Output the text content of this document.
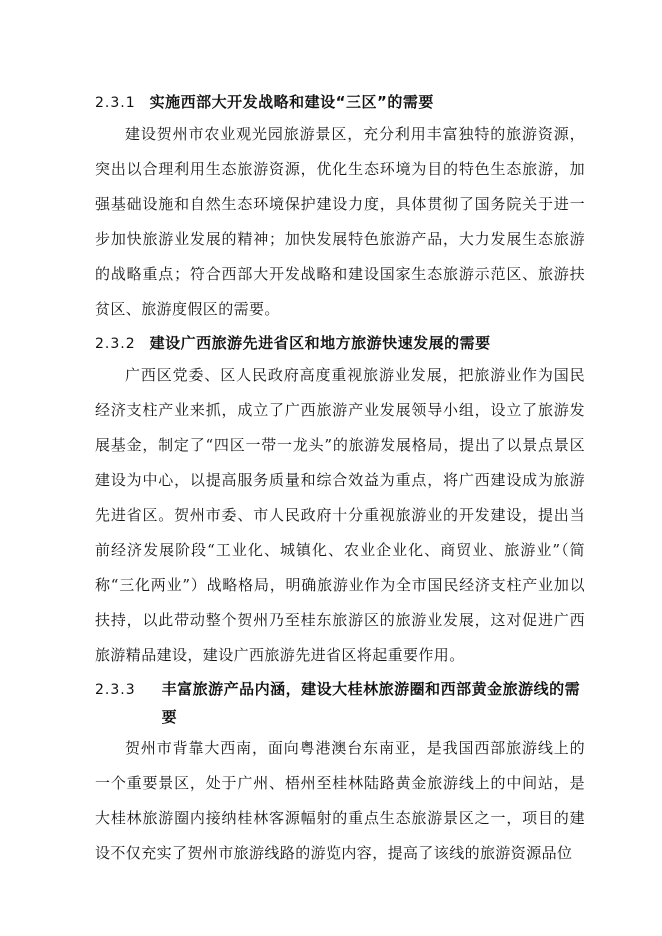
2.3.1 实施西部大开发战略和建设“三区”的需要

建设贺州市农业观光园旅游景区，充分利用丰富独特的旅游资源，突出以合理利用生态旅游资源，优化生态环境为目的特色生态旅游，加强基础设施和自然生态环境保护建设力度，具体贯彻了国务院关于进一步加快旅游业发展的精神；加快发展特色旅游产品，大力发展生态旅游的战略重点；符合西部大开发战略和建设国家生态旅游示范区、旅游扶贫区、旅游度假区的需要。

2.3.2 建设广西旅游先进省区和地方旅游快速发展的需要

广西区党委、区人民政府高度重视旅游业发展，把旅游业作为国民经济支柱产业来抓，成立了广西旅游产业发展领导小组，设立了旅游发展基金，制定了“四区一带一龙头”的旅游发展格局，提出了以景点景区建设为中心，以提高服务质量和综合效益为重点，将广西建设成为旅游先进省区。贺州市委、市人民政府十分重视旅游业的开发建设，提出当前经济发展阶段“工业化、城镇化、农业企业化、商贸业、旅游业”（简称“三化两业”）战略格局，明确旅游业作为全市国民经济支柱产业加以扶持，以此带动整个贺州乃至桂东旅游区的旅游业发展，这对促进广西旅游精品建设，建设广西旅游先进省区将起重要作用。

2.3.3 丰富旅游产品内涵，建设大桂林旅游圈和西部黄金旅游线的需要

贺州市背靠大西南，面向粤港澳台东南亚，是我国西部旅游线上的一个重要景区，处于广州、梧州至桂林陆路黄金旅游线上的中间站，是大桂林旅游圈内接纳桂林客源幅射的重点生态旅游景区之一，项目的建设不仅充实了贺州市旅游线路的游览内容，提高了该线的旅游资源品位
